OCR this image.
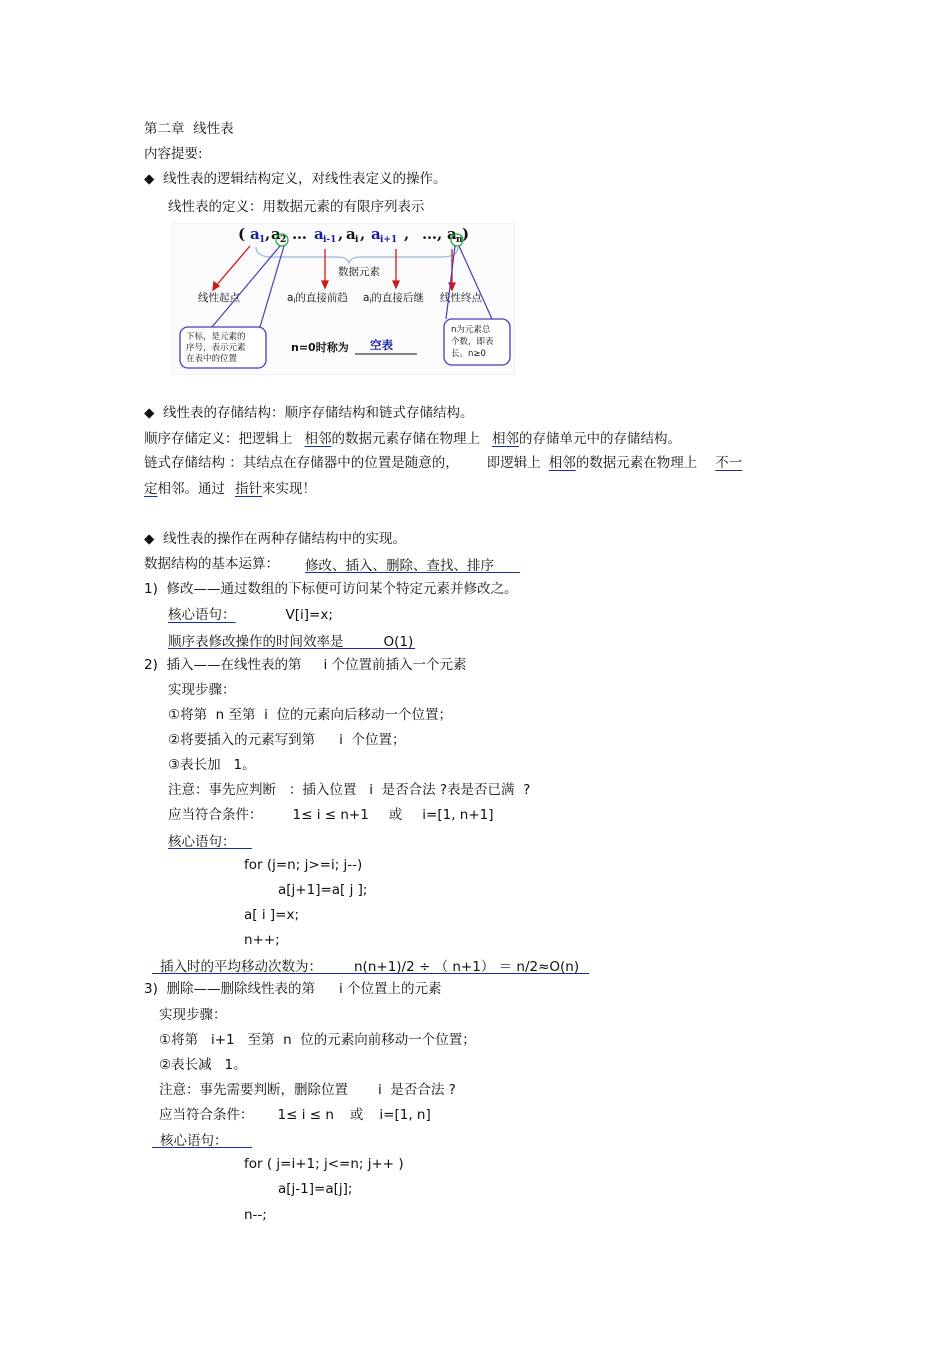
第二章  线性表
内容提要:
◆  线性表的逻辑结构定义，对线性表定义的操作。
线性表的定义：用数据元素的有限序列表示
( a 1 , a 2 … a i-1 , a i , a i+1 , …, a n )
数据元素
线性起点	线性终点
ai的直接前趋 ai的直接后继
下标，是元素的
序号，表示元素
在表中的位置
n=0时称为 空表
n为元素总
个数，即表
长。n≥0
◆  线性表的存储结构：顺序存储结构和链式存储结构。
顺序存储定义：把逻辑上 相邻的数据元素存储在物理上 相邻的存储单元中的存储结构。
链式存储结构 ：其结点在存储器中的位置是随意的， 即逻辑上 相邻的数据元素在物理上 不一
定相邻。通过 指针来实现！
◆  线性表的操作在两种存储结构中的实现。
数据结构的基本运算： 修改、插入、删除、查找、排序
1)  修改——通过数组的下标便可访问某个特定元素并修改之。
核心语句：	V[i]=x;
顺序表修改操作的时间效率是	O(1)
2)  插入——在线性表的第 i 个位置前插入一个元素
实现步骤：
①将第  n 至第  i  位的元素向后移动一个位置；
②将要插入的元素写到第 i  个位置；
③表长加   1。
注意：事先应判断   ：插入位置   i  是否合法 ?表是否已满  ?
应当符合条件： 1≤ i ≤ n+1 或 i=[1, n+1]
核心语句：
for (j=n; j>=i; j--)
a[j+1]=a[ j ];
a[ i ]=x;
n++;
插入时的平均移动次数为： n(n+1)/2 ÷ （ n+1） ＝ n/2≈O(n)
3)  删除——删除线性表的第 i 个位置上的元素
实现步骤：
①将第   i+1   至第  n  位的元素向前移动一个位置；
②表长减   1。
注意：事先需要判断，删除位置       i  是否合法 ?
应当符合条件： 1≤ i ≤ n 或 i=[1, n]
核心语句：
for ( j=i+1; j<=n; j++ )
a[j-1]=a[j];
n--;
